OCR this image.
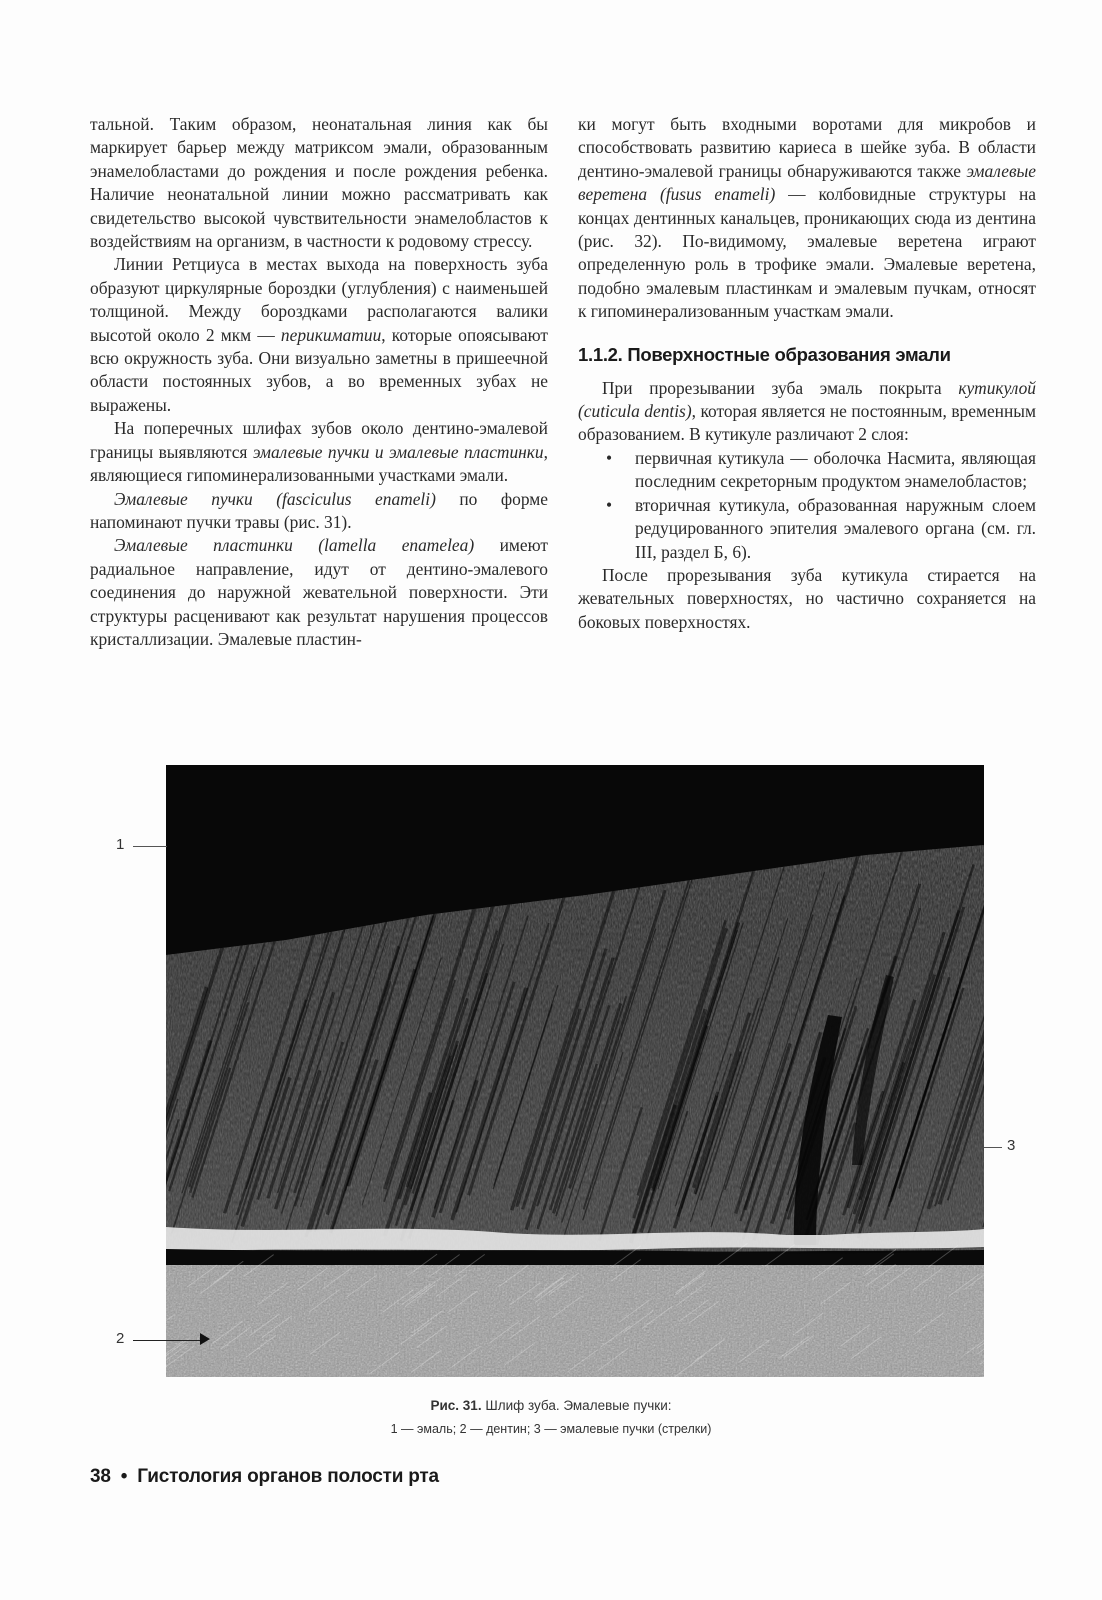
тальной. Таким образом, неонатальная линия как бы маркирует барьер между матриксом эмали, образованным энамелобластами до рождения и после рождения ребенка. Наличие неонатальной линии можно рассматривать как свидетельство высокой чувствительности энамелобластов к воздействиям на организм, в частности к родовому стрессу.

Линии Ретциуса в местах выхода на поверхность зуба образуют циркулярные бороздки (углубления) с наименьшей толщиной. Между бороздками располагаются валики высотой около 2 мкм — перикиматии, которые опоясывают всю окружность зуба. Они визуально заметны в пришеечной области постоянных зубов, а во временных зубах не выражены.

На поперечных шлифах зубов около дентино-эмалевой границы выявляются эмалевые пучки и эмалевые пластинки, являющиеся гипоминерализованными участками эмали.

Эмалевые пучки (fasciculus enameli) по форме напоминают пучки травы (рис. 31).

Эмалевые пластинки (lamella enamelea) имеют радиальное направление, идут от дентино-эмалевого соединения до наружной жевательной поверхности. Эти структуры расценивают как результат нарушения процессов кристаллизации. Эмалевые пластин-

ки могут быть входными воротами для микробов и способствовать развитию кариеса в шейке зуба. В области дентино-эмалевой границы обнаруживаются также эмалевые веретена (fusus enameli) — колбовидные структуры на концах дентинных канальцев, проникающих сюда из дентина (рис. 32). По-видимому, эмалевые веретена играют определенную роль в трофике эмали. Эмалевые веретена, подобно эмалевым пластинкам и эмалевым пучкам, относят к гипоминерализованным участкам эмали.

1.1.2. Поверхностные образования эмали

При прорезывании зуба эмаль покрыта кутикулой (cuticula dentis), которая является не постоянным, временным образованием. В кутикуле различают 2 слоя:

• первичная кутикула — оболочка Насмита, являющая последним секреторным продуктом энамелобластов;
• вторичная кутикула, образованная наружным слоем редуцированного эпителия эмалевого органа (см. гл. III, раздел Б, 6).

После прорезывания зуба кутикула стирается на жевательных поверхностях, но частично сохраняется на боковых поверхностях.

1
2
3
Рис. 31. Шлиф зуба. Эмалевые пучки:
1 — эмаль; 2 — дентин; 3 — эмалевые пучки (стрелки)
38 • Гистология органов полости рта
